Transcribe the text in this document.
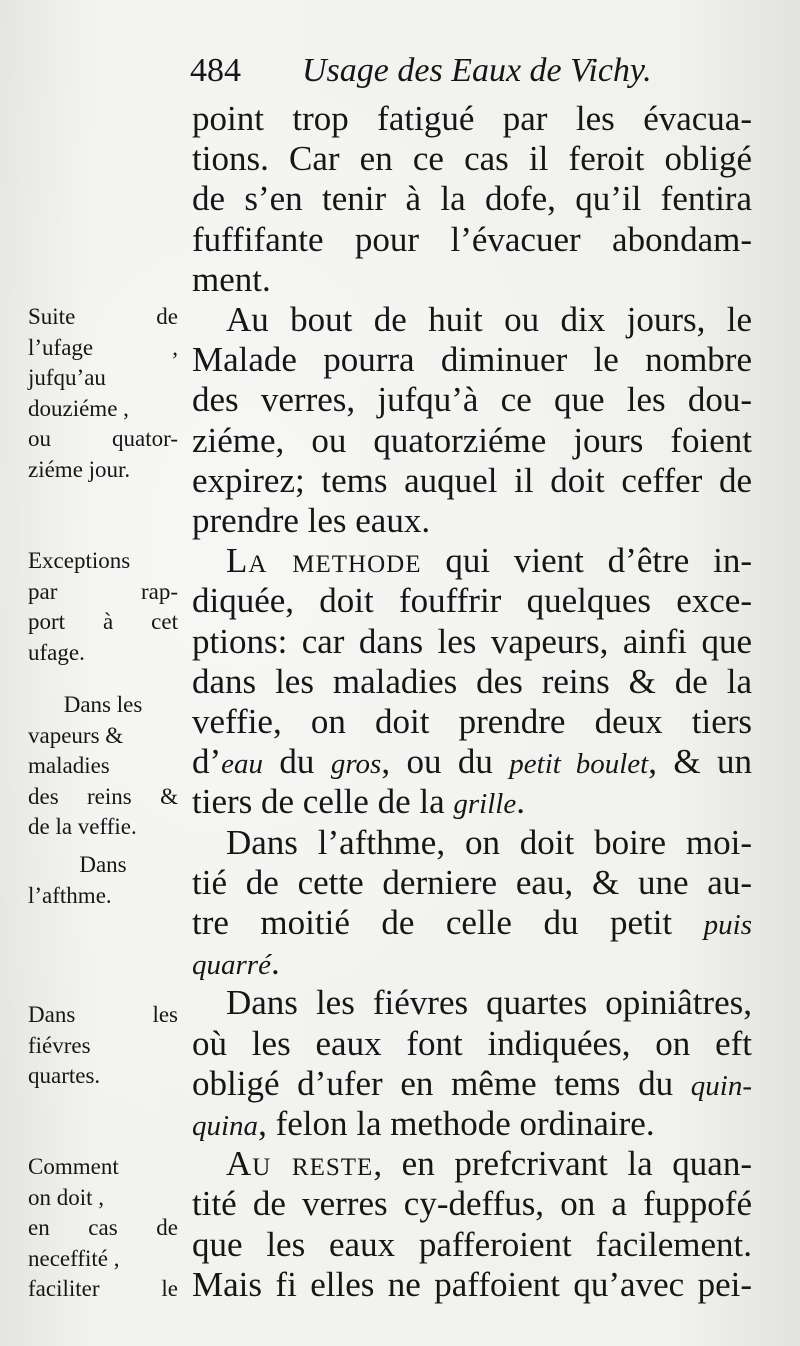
484 Usage des Eaux de Vichy.
point trop fatigué par les évacua-
tions. Car en ce cas il feroit obligé
de s’en tenir à la dofe, qu’il fentira
fuffifante pour l’évacuer abondam-
ment.
Au bout de huit ou dix jours, le
Malade pourra diminuer le nombre
des verres, jufqu’à ce que les dou-
ziéme, ou quatorziéme jours foient
expirez; tems auquel il doit ceffer de
prendre les eaux.
La methode qui vient d’être in-
diquée, doit fouffrir quelques exce-
ptions: car dans les vapeurs, ainfi que
dans les maladies des reins & de la
veffie, on doit prendre deux tiers
d’eau du gros, ou du petit boulet, & un
tiers de celle de la grille.
Dans l’afthme, on doit boire moi-
tié de cette derniere eau, & une au-
tre moitié de celle du petit puis
quarré.
Dans les fiévres quartes opiniâtres,
où les eaux font indiquées, on eft
obligé d’ufer en même tems du quin-
quina, felon la methode ordinaire.
Au reste, en prefcrivant la quan-
tité de verres cy-deffus, on a fuppofé
que les eaux pafferoient facilement.
Mais fi elles ne paffoient qu’avec pei-
Suite de
l’ufage ,
jufqu’au
douziéme ,
ou quator-
ziéme jour.
Exceptions
par rap-
port à cet
ufage.
Dans les
vapeurs &
maladies
des reins &
de la veffie.
Dans
l’afthme.
Dans les
fiévres
quartes.
Comment
on doit ,
en cas de
neceffité ,
faciliter le
